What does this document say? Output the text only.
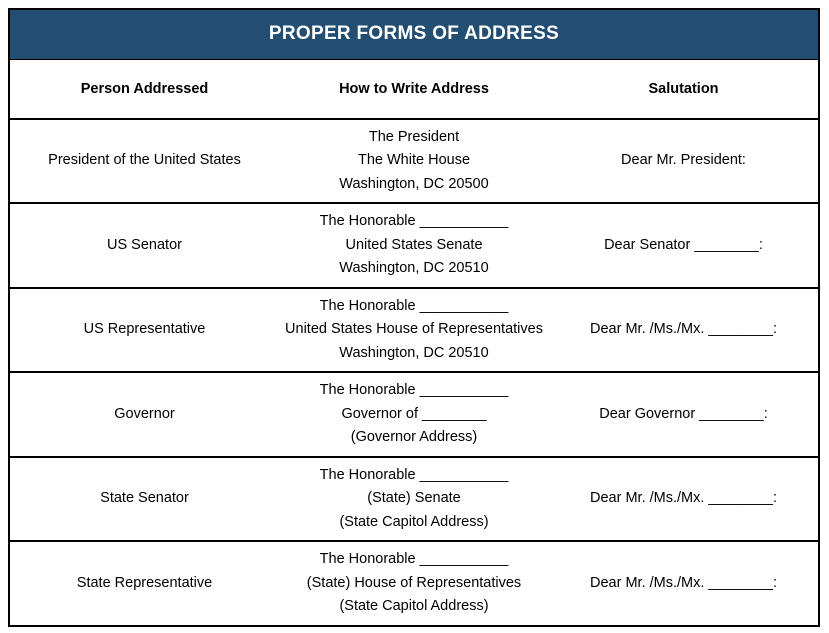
PROPER FORMS OF ADDRESS		
Person Addressed	How to Write Address	Salutation
President of the United States	The President
The White House
Washington, DC 20500	Dear Mr. President:
US Senator	The Honorable ___________
United States Senate
Washington, DC 20510	Dear Senator ________:
US Representative	The Honorable ___________
United States House of Representatives
Washington, DC 20510	Dear Mr. /Ms./Mx. ________:
Governor	The Honorable ___________
Governor of ________
(Governor Address)	Dear Governor ________:
State Senator	The Honorable ___________
(State) Senate
(State Capitol Address)	Dear Mr. /Ms./Mx. ________:
State Representative	The Honorable ___________
(State) House of Representatives
(State Capitol Address)	Dear Mr. /Ms./Mx. ________:
